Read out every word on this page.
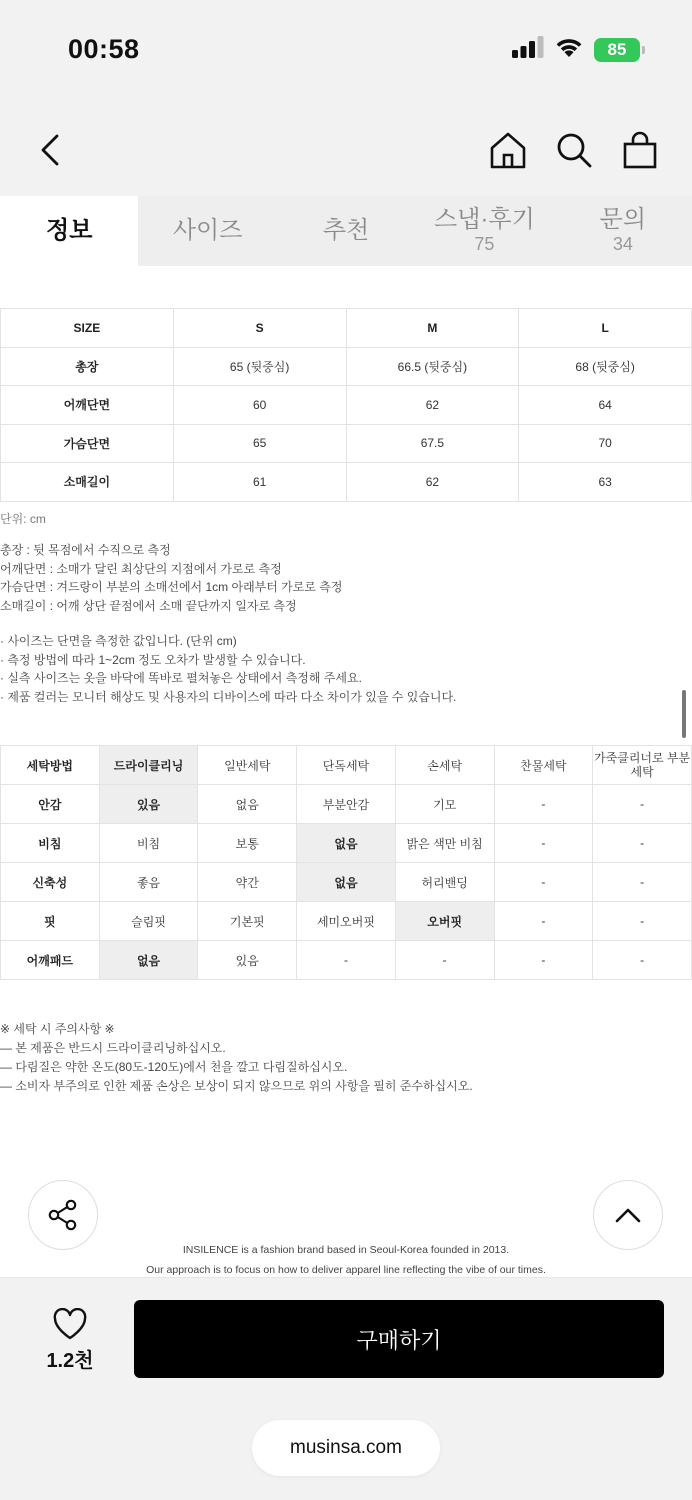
00:58	85
정보	사이즈	추천	스냅·후기
75
문의
34
SIZE	S	M	L
총장	65 (뒷중심)	66.5 (뒷중심)	68 (뒷중심)
어깨단면	60	62	64
가슴단면	65	67.5	70
소매길이	61	62	63
단위: cm
총장 : 뒷 목점에서 수직으로 측정
어깨단면 : 소매가 달린 최상단의 지점에서 가로로 측정
가슴단면 : 겨드랑이 부분의 소매선에서 1cm 아래부터 가로로 측정
소매길이 : 어깨 상단 끝점에서 소매 끝단까지 일자로 측정
· 사이즈는 단면을 측정한 값입니다. (단위 cm)
· 측정 방법에 따라 1~2cm 정도 오차가 발생할 수 있습니다.
· 실측 사이즈는 옷을 바닥에 똑바로 펼쳐놓은 상태에서 측정해 주세요.
· 제품 컬러는 모니터 해상도 및 사용자의 디바이스에 따라 다소 차이가 있을 수 있습니다.
세탁방법	드라이클리닝	일반세탁	단독세탁	손세탁	찬물세탁	가죽클리너로 부분세탁
안감	있음	없음	부분안감	기모	-	-
비침	비침	보통	없음	밝은 색만 비침	-	-
신축성	좋음	약간	없음	허리밴딩	-	-
핏	슬림핏	기본핏	세미오버핏	오버핏	-	-
어깨패드	없음	있음	-	-	-	-
※ 세탁 시 주의사항 ※
— 본 제품은 반드시 드라이클리닝하십시오.
— 다림질은 약한 온도(80도-120도)에서 천을 깔고 다림질하십시오.
— 소비자 부주의로 인한 제품 손상은 보상이 되지 않으므로 위의 사항을 필히 준수하십시오.
INSILENCE is a fashion brand based in Seoul-Korea founded in 2013.
Our approach is to focus on how to deliver apparel line reflecting the vibe of our times.
1.2천
구매하기
musinsa.com
